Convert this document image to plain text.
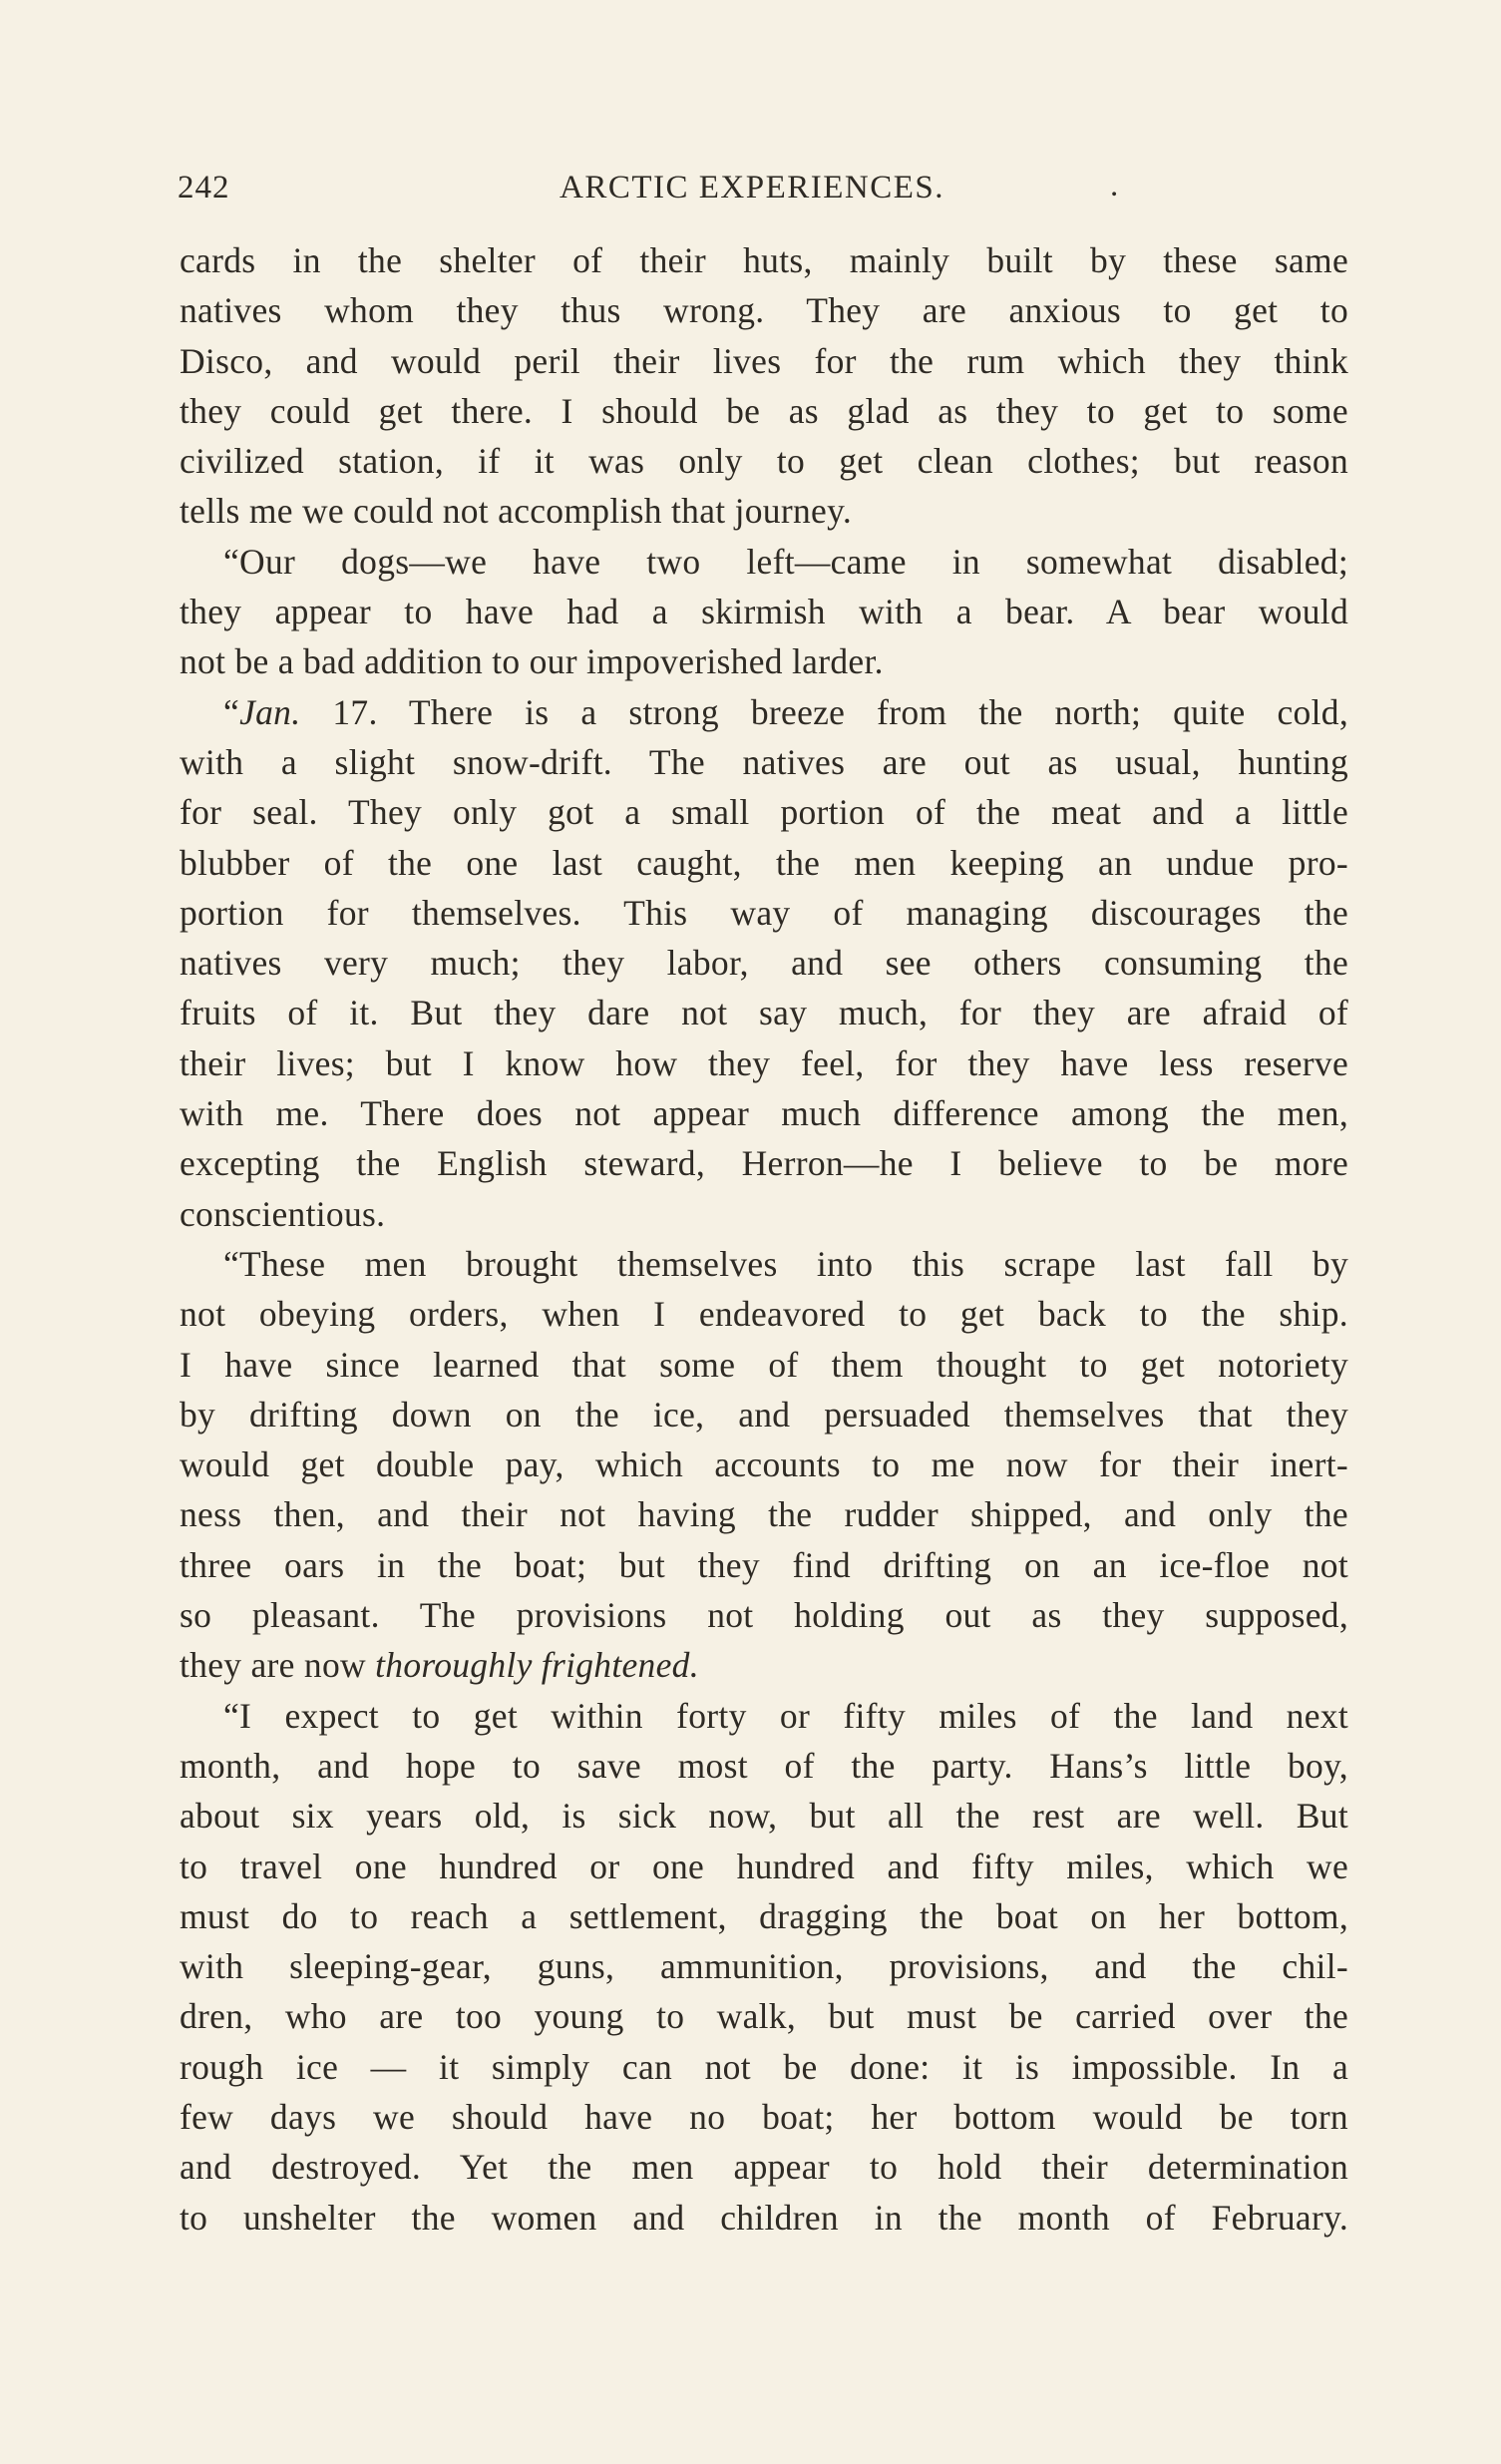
242	ARCTIC EXPERIENCES.	.
cards in the shelter of their huts, mainly built by these same
natives whom they thus wrong. They are anxious to get to
Disco, and would peril their lives for the rum which they think
they could get there. I should be as glad as they to get to some
civilized station, if it was only to get clean clothes; but reason
tells me we could not accomplish that journey.
“Our dogs—we have two left—came in somewhat disabled;
they appear to have had a skirmish with a bear. A bear would
not be a bad addition to our impoverished larder.
“Jan. 17. There is a strong breeze from the north; quite cold,
with a slight snow-drift. The natives are out as usual, hunting
for seal. They only got a small portion of the meat and a little
blubber of the one last caught, the men keeping an undue pro-
portion for themselves. This way of managing discourages the
natives very much; they labor, and see others consuming the
fruits of it. But they dare not say much, for they are afraid of
their lives; but I know how they feel, for they have less reserve
with me. There does not appear much difference among the men,
excepting the English steward, Herron—he I believe to be more
conscientious.
“These men brought themselves into this scrape last fall by
not obeying orders, when I endeavored to get back to the ship.
I have since learned that some of them thought to get notoriety
by drifting down on the ice, and persuaded themselves that they
would get double pay, which accounts to me now for their inert-
ness then, and their not having the rudder shipped, and only the
three oars in the boat; but they find drifting on an ice-floe not
so pleasant. The provisions not holding out as they supposed,
they are now thoroughly frightened.
“I expect to get within forty or fifty miles of the land next
month, and hope to save most of the party. Hans’s little boy,
about six years old, is sick now, but all the rest are well. But
to travel one hundred or one hundred and fifty miles, which we
must do to reach a settlement, dragging the boat on her bottom,
with sleeping-gear, guns, ammunition, provisions, and the chil-
dren, who are too young to walk, but must be carried over the
rough ice — it simply can not be done: it is impossible. In a
few days we should have no boat; her bottom would be torn
and destroyed. Yet the men appear to hold their determination
to unshelter the women and children in the month of February.
